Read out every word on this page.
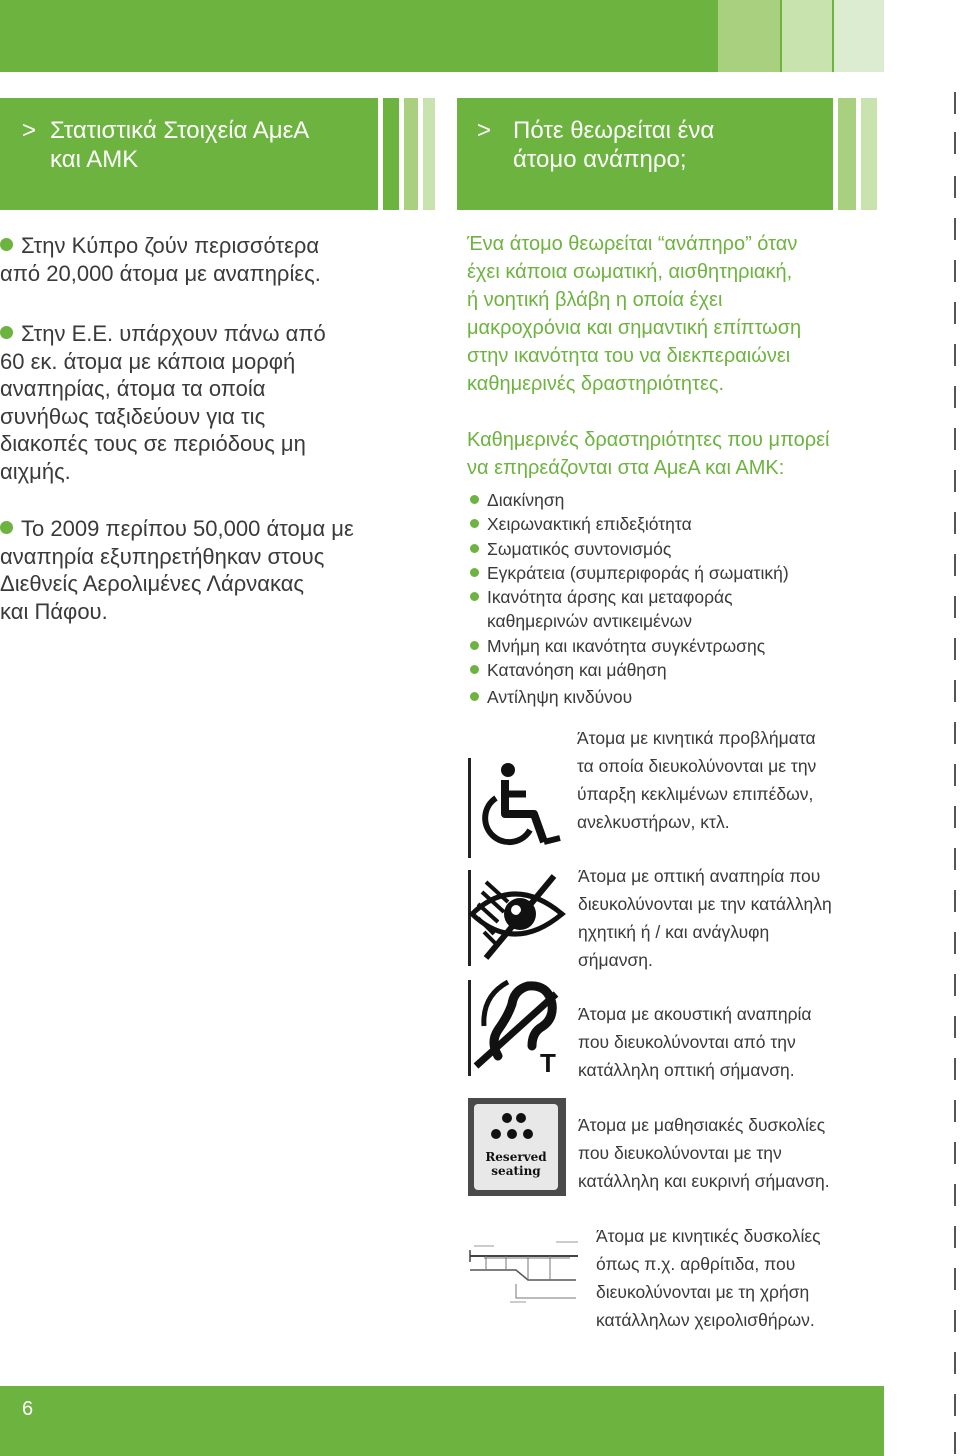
> Στατιστικά Στοιχεία ΑμεΑ
και ΑΜΚ
> Πότε θεωρείται ένα
άτομο ανάπηρο;
Στην Κύπρο ζούν περισσότερα
από 20,000 άτομα με αναπηρίες.
Στην Ε.Ε. υπάρχουν πάνω από
60 εκ. άτομα με κάποια μορφή
αναπηρίας, άτομα τα οποία
συνήθως ταξιδεύουν για τις
διακοπές τους σε περιόδους μη
αιχμής.
Το 2009 περίπου 50,000 άτομα με
αναπηρία εξυπηρετήθηκαν στους
Διεθνείς Αερολιμένες Λάρνακας
και Πάφου.
Ένα άτομο θεωρείται “ανάπηρο” όταν
έχει κάποια σωματική, αισθητηριακή,
ή νοητική βλάβη η οποία έχει
μακροχρόνια και σημαντική επίπτωση
στην ικανότητα του να διεκπεραιώνει
καθημερινές δραστηριότητες.
Καθημερινές δραστηριότητες που μπορεί
να επηρεάζονται στα ΑμεΑ και ΑΜΚ:
Διακίνηση
Χειρωνακτική επιδεξιότητα
Σωματικός συντονισμός
Εγκράτεια (συμπεριφοράς ή σωματική)
Ικανότητα άρσης και μεταφοράς
καθημερινών αντικειμένων
Μνήμη και ικανότητα συγκέντρωσης
Κατανόηση και μάθηση
Αντίληψη κινδύνου
Άτομα με κινητικά προβλήματα
τα οποία διευκολύνονται με την
ύπαρξη κεκλιμένων επιπέδων,
ανελκυστήρων, κτλ.
Άτομα με οπτική αναπηρία που
διευκολύνονται με την κατάλληλη
ηχητική ή / και ανάγλυφη
σήμανση.
T
Άτομα με ακουστική αναπηρία
που διευκολύνονται από την
κατάλληλη οπτική σήμανση.
Reserved
seating
Άτομα με μαθησιακές δυσκολίες
που διευκολύνονται με την
κατάλληλη και ευκρινή σήμανση.
Άτομα με κινητικές δυσκολίες
όπως π.χ. αρθρίτιδα, που
διευκολύνονται με τη χρήση
κατάλληλων χειρολισθήρων.
6
